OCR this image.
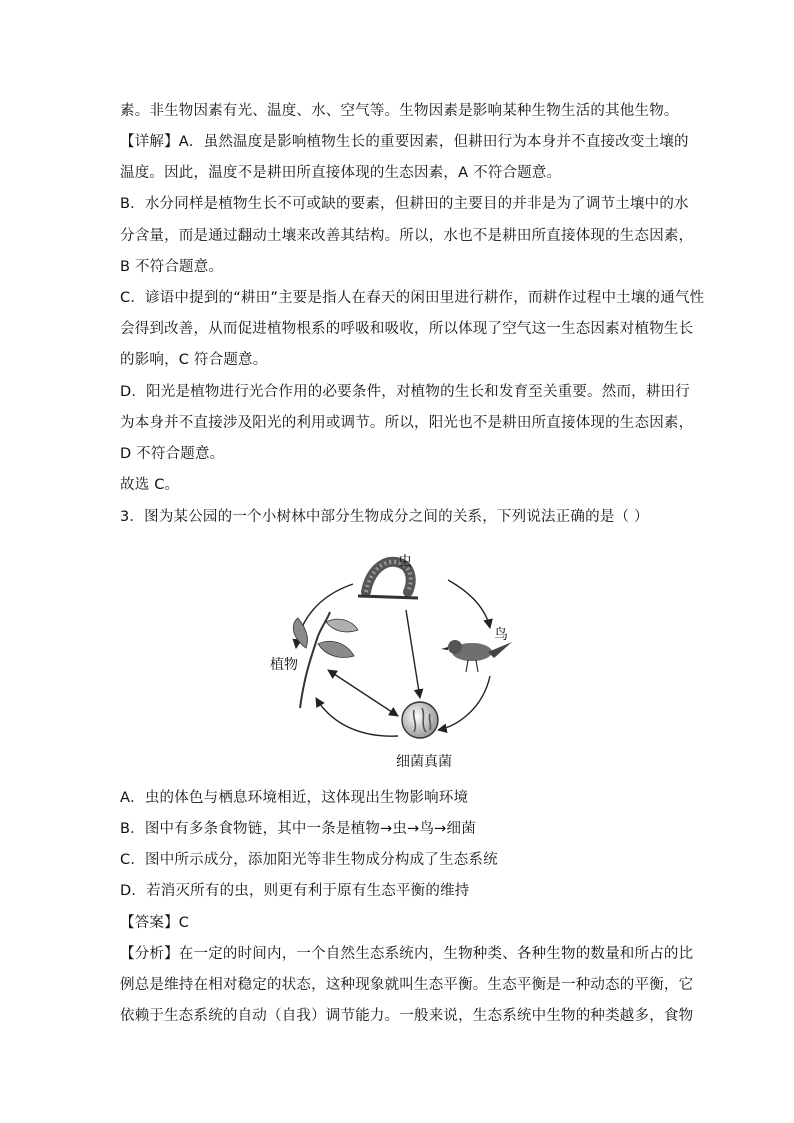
素。非生物因素有光、温度、水、空气等。生物因素是影响某种生物生活的其他生物。
【详解】A．虽然温度是影响植物生长的重要因素，但耕田行为本身并不直接改变土壤的
温度。因此，温度不是耕田所直接体现的生态因素，A 不符合题意。
B．水分同样是植物生长不可或缺的要素，但耕田的主要目的并非是为了调节土壤中的水
分含量，而是通过翻动土壤来改善其结构。所以，水也不是耕田所直接体现的生态因素，
B 不符合题意。
C．谚语中提到的“耕田”主要是指人在春天的闲田里进行耕作，而耕作过程中土壤的通气性
会得到改善，从而促进植物根系的呼吸和吸收，所以体现了空气这一生态因素对植物生长
的影响，C 符合题意。
D．阳光是植物进行光合作用的必要条件，对植物的生长和发育至关重要。然而，耕田行
为本身并不直接涉及阳光的利用或调节。所以，阳光也不是耕田所直接体现的生态因素，
D 不符合题意。
故选 C。
3．图为某公园的一个小树林中部分生物成分之间的关系，下列说法正确的是（ ）
虫
鸟
植物
细菌真菌
A．虫的体色与栖息环境相近，这体现出生物影响环境
B．图中有多条食物链，其中一条是植物→虫→鸟→细菌
C．图中所示成分，添加阳光等非生物成分构成了生态系统
D．若消灭所有的虫，则更有利于原有生态平衡的维持
【答案】C
【分析】在一定的时间内，一个自然生态系统内，生物种类、各种生物的数量和所占的比
例总是维持在相对稳定的状态，这种现象就叫生态平衡。生态平衡是一种动态的平衡，它
依赖于生态系统的自动（自我）调节能力。一般来说，生态系统中生物的种类越多，食物
